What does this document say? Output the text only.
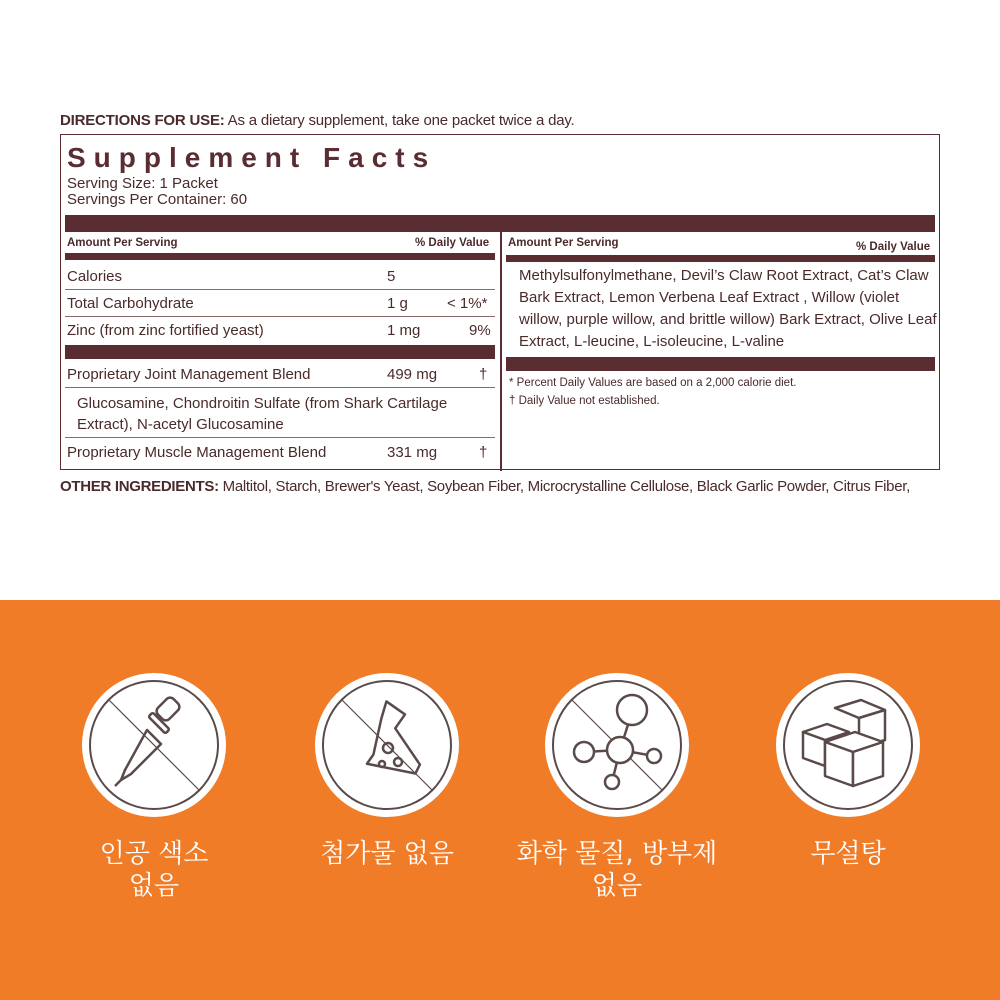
DIRECTIONS FOR USE: As a dietary supplement, take one packet twice a day.
Supplement Facts
Serving Size: 1 Packet
Servings Per Container: 60
Amount Per Serving	% Daily Value Amount Per Serving	% Daily Value
Calories	5
Total Carbohydrate	1 g	< 1%*
Zinc (from zinc fortified yeast)	1 mg	9%
Proprietary Joint Management Blend	499 mg	†
Glucosamine, Chondroitin Sulfate (from Shark Cartilage Extract), N-acetyl Glucosamine
Proprietary Muscle Management Blend	331 mg	†
Methylsulfonylmethane, Devil’s Claw Root Extract, Cat’s Claw Bark Extract, Lemon Verbena Leaf Extract , Willow (violet willow, purple willow, and brittle willow) Bark Extract, Olive Leaf Extract, L-leucine, L-isoleucine, L-valine
* Percent Daily Values are based on a 2,000 calorie diet.
† Daily Value not established.
OTHER INGREDIENTS: Maltitol, Starch, Brewer's Yeast, Soybean Fiber, Microcrystalline Cellulose, Black Garlic Powder, Citrus Fiber,
인공 색소
없음
첨가물 없음	화학 물질, 방부제
없음
무설탕
